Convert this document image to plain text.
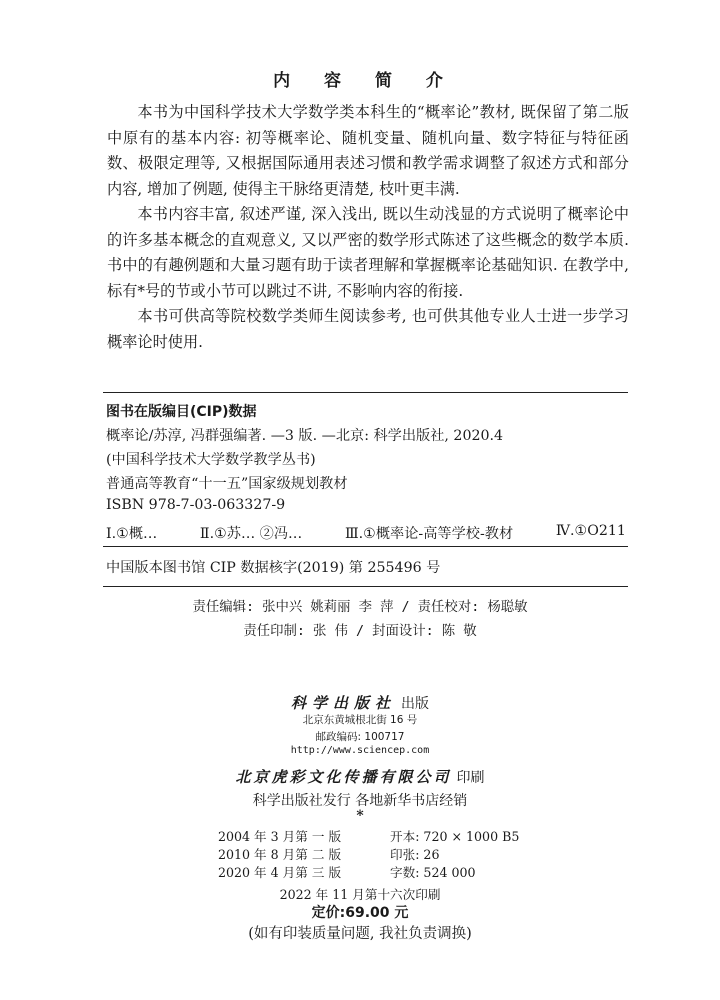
内 容 简 介

本书为中国科学技术大学数学类本科生的“概率论”教材, 既保留了第二版中原有的基本内容: 初等概率论、随机变量、随机向量、数字特征与特征函数、极限定理等, 又根据国际通用表述习惯和教学需求调整了叙述方式和部分内容, 增加了例题, 使得主干脉络更清楚, 枝叶更丰满.

本书内容丰富, 叙述严谨, 深入浅出, 既以生动浅显的方式说明了概率论中的许多基本概念的直观意义, 又以严密的数学形式陈述了这些概念的数学本质. 书中的有趣例题和大量习题有助于读者理解和掌握概率论基础知识. 在教学中, 标有*号的节或小节可以跳过不讲, 不影响内容的衔接.

本书可供高等院校数学类师生阅读参考, 也可供其他专业人士进一步学习概率论时使用.

图书在版编目(CIP)数据
概率论/苏淳, 冯群强编著. —3 版. —北京: 科学出版社, 2020.4
(中国科学技术大学数学教学丛书)
普通高等教育“十一五”国家级规划教材
ISBN 978-7-03-063327-9
Ⅰ.①概…	Ⅱ.①苏… ②冯…	Ⅲ.①概率论-高等学校-教材	Ⅳ.①O211
中国版本图书馆 CIP 数据核字(2019) 第 255496 号
责任编辑: 张中兴 姚莉丽 李 萍 / 责任校对: 杨聪敏
责任印制: 张 伟 / 封面设计: 陈 敬
科学出版社 出版
北京东黄城根北街 16 号
邮政编码: 100717
http://www.sciencep.com
北京虎彩文化传播有限公司 印刷
科学出版社发行 各地新华书店经销
*
2004 年 3 月第 一 版	开本: 720 × 1000 B5
2010 年 8 月第 二 版	印张: 26
2020 年 4 月第 三 版	字数: 524 000
2022 年 11 月第十六次印刷
定价:69.00 元
(如有印装质量问题, 我社负责调换)
